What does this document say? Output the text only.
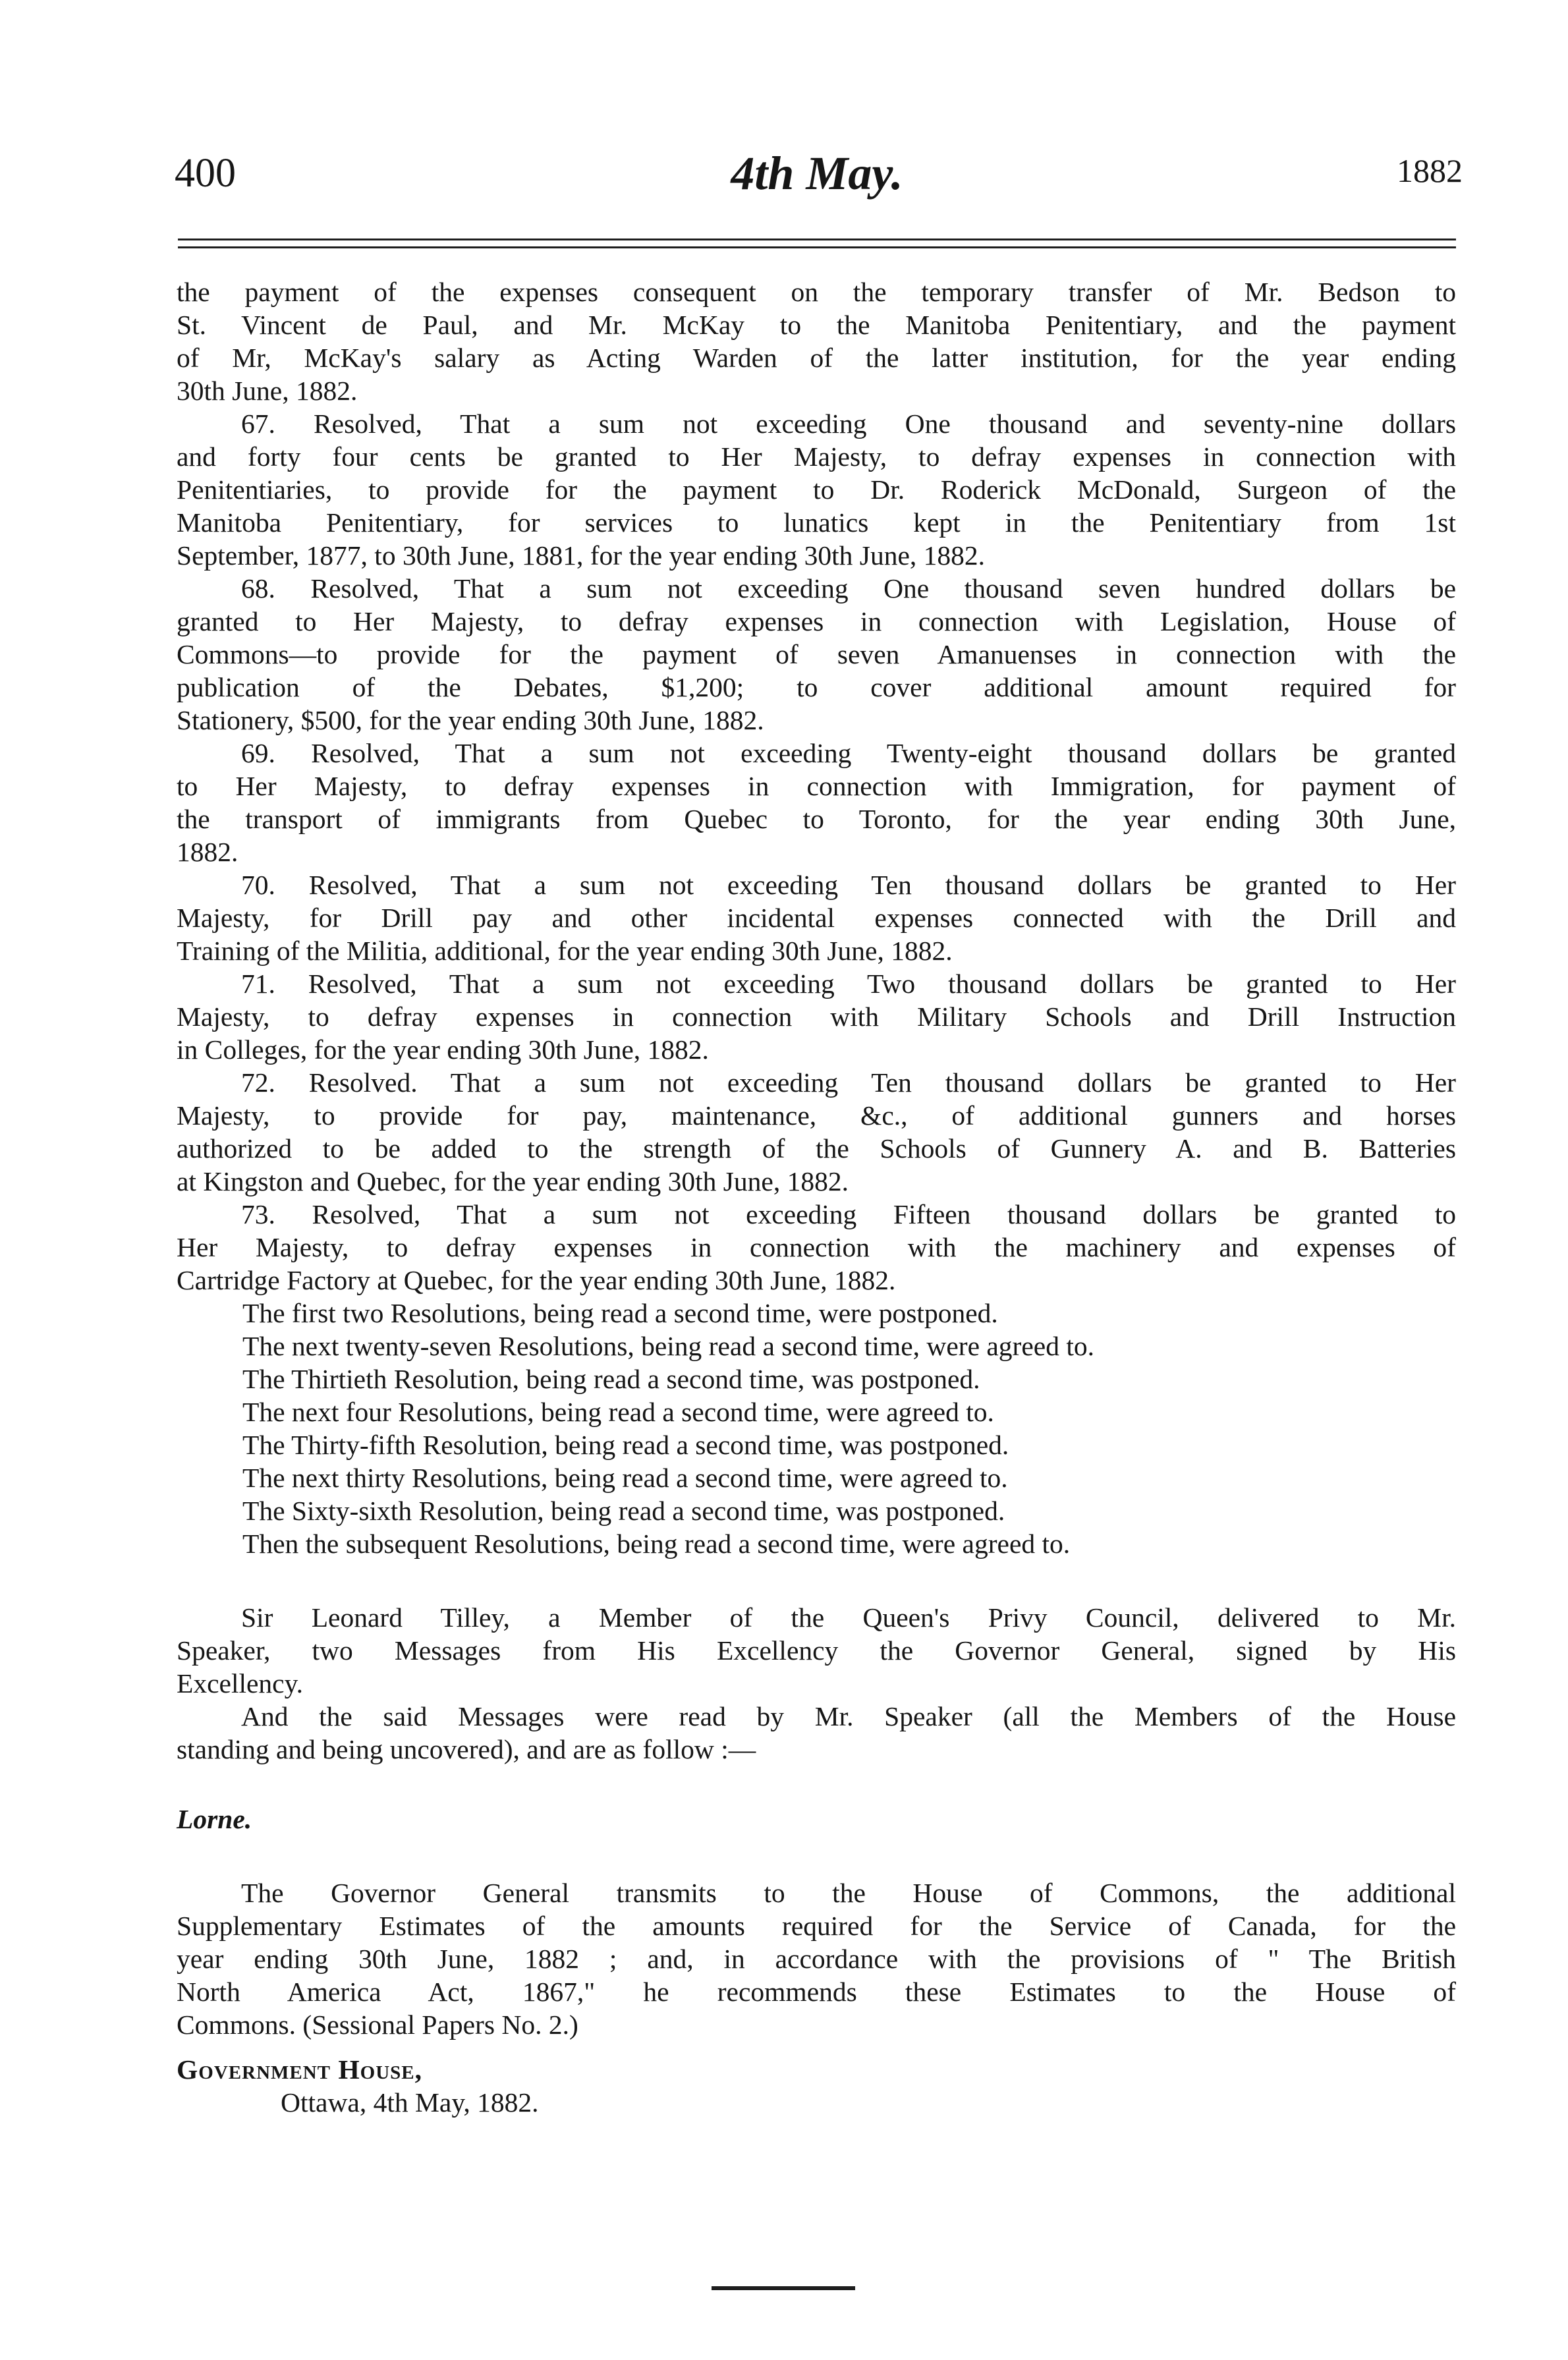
400	4th May.	1882
the payment of the expenses consequent on the temporary transfer of Mr. Bedson to
St. Vincent de Paul, and Mr. McKay to the Manitoba Penitentiary, and the payment
of Mr, McKay's salary as Acting Warden of the latter institution, for the year ending
30th June, 1882.
67. Resolved, That a sum not exceeding One thousand and seventy-nine dollars
and forty four cents be granted to Her Majesty, to defray expenses in connection with
Penitentiaries, to provide for the payment to Dr. Roderick McDonald, Surgeon of the
Manitoba Penitentiary, for services to lunatics kept in the Penitentiary from 1st
September, 1877, to 30th June, 1881, for the year ending 30th June, 1882.
68. Resolved, That a sum not exceeding One thousand seven hundred dollars be
granted to Her Majesty, to defray expenses in connection with Legislation, House of
Commons—to provide for the payment of seven Amanuenses in connection with the
publication of the Debates, $1,200; to cover additional amount required for
Stationery, $500, for the year ending 30th June, 1882.
69. Resolved, That a sum not exceeding Twenty-eight thousand dollars be granted
to Her Majesty, to defray expenses in connection with Immigration, for payment of
the transport of immigrants from Quebec to Toronto, for the year ending 30th June,
1882.
70. Resolved, That a sum not exceeding Ten thousand dollars be granted to Her
Majesty, for Drill pay and other incidental expenses connected with the Drill and
Training of the Militia, additional, for the year ending 30th June, 1882.
71. Resolved, That a sum not exceeding Two thousand dollars be granted to Her
Majesty, to defray expenses in connection with Military Schools and Drill Instruction
in Colleges, for the year ending 30th June, 1882.
72. Resolved. That a sum not exceeding Ten thousand dollars be granted to Her
Majesty, to provide for pay, maintenance, &c., of additional gunners and horses
authorized to be added to the strength of the Schools of Gunnery A. and B. Batteries
at Kingston and Quebec, for the year ending 30th June, 1882.
73. Resolved, That a sum not exceeding Fifteen thousand dollars be granted to
Her Majesty, to defray expenses in connection with the machinery and expenses of
Cartridge Factory at Quebec, for the year ending 30th June, 1882.
The first two Resolutions, being read a second time, were postponed.
The next twenty-seven Resolutions, being read a second time, were agreed to.
The Thirtieth Resolution, being read a second time, was postponed.
The next four Resolutions, being read a second time, were agreed to.
The Thirty-fifth Resolution, being read a second time, was postponed.
The next thirty Resolutions, being read a second time, were agreed to.
The Sixty-sixth Resolution, being read a second time, was postponed.
Then the subsequent Resolutions, being read a second time, were agreed to.
Sir Leonard Tilley, a Member of the Queen's Privy Council, delivered to Mr.
Speaker, two Messages from His Excellency the Governor General, signed by His
Excellency.
And the said Messages were read by Mr. Speaker (all the Members of the House
standing and being uncovered), and are as follow :—
Lorne.
The Governor General transmits to the House of Commons, the additional
Supplementary Estimates of the amounts required for the Service of Canada, for the
year ending 30th June, 1882 ; and, in accordance with the provisions of " The British
North America Act, 1867," he recommends these Estimates to the House of
Commons. (Sessional Papers No. 2.)
Government House,
Ottawa, 4th May, 1882.
